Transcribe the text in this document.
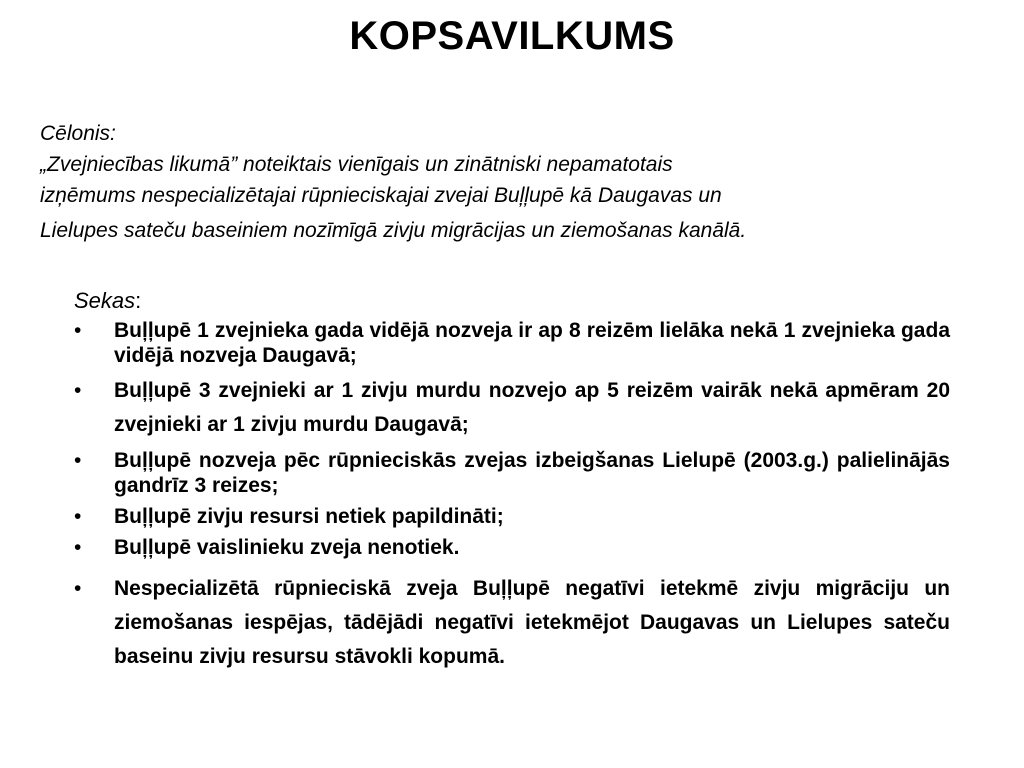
KOPSAVILKUMS
Cēlonis:
„Zvejniecības likumā” noteiktais vienīgais un zinātniski nepamatotais
izņēmums nespecializētajai rūpnieciskajai zvejai Buļļupē kā Daugavas un
Lielupes sateču baseiniem nozīmīgā zivju migrācijas un ziemošanas kanālā.
Sekas:
• Buļļupē 1 zvejnieka gada vidējā nozveja ir ap 8 reizēm lielāka nekā 1 zvejnieka gada vidējā nozveja Daugavā;
• Buļļupē 3 zvejnieki ar 1 zivju murdu nozvejo ap 5 reizēm vairāk nekā apmēram 20 zvejnieki ar 1 zivju murdu Daugavā;
• Buļļupē nozveja pēc rūpnieciskās zvejas izbeigšanas Lielupē (2003.g.) palielinājās gandrīz 3 reizes;
• Buļļupē zivju resursi netiek papildināti;
• Buļļupē vaislinieku zveja nenotiek.
• Nespecializētā rūpnieciskā zveja Buļļupē negatīvi ietekmē zivju migrāciju un ziemošanas iespējas, tādējādi negatīvi ietekmējot Daugavas un Lielupes sateču baseinu zivju resursu stāvokli kopumā.
